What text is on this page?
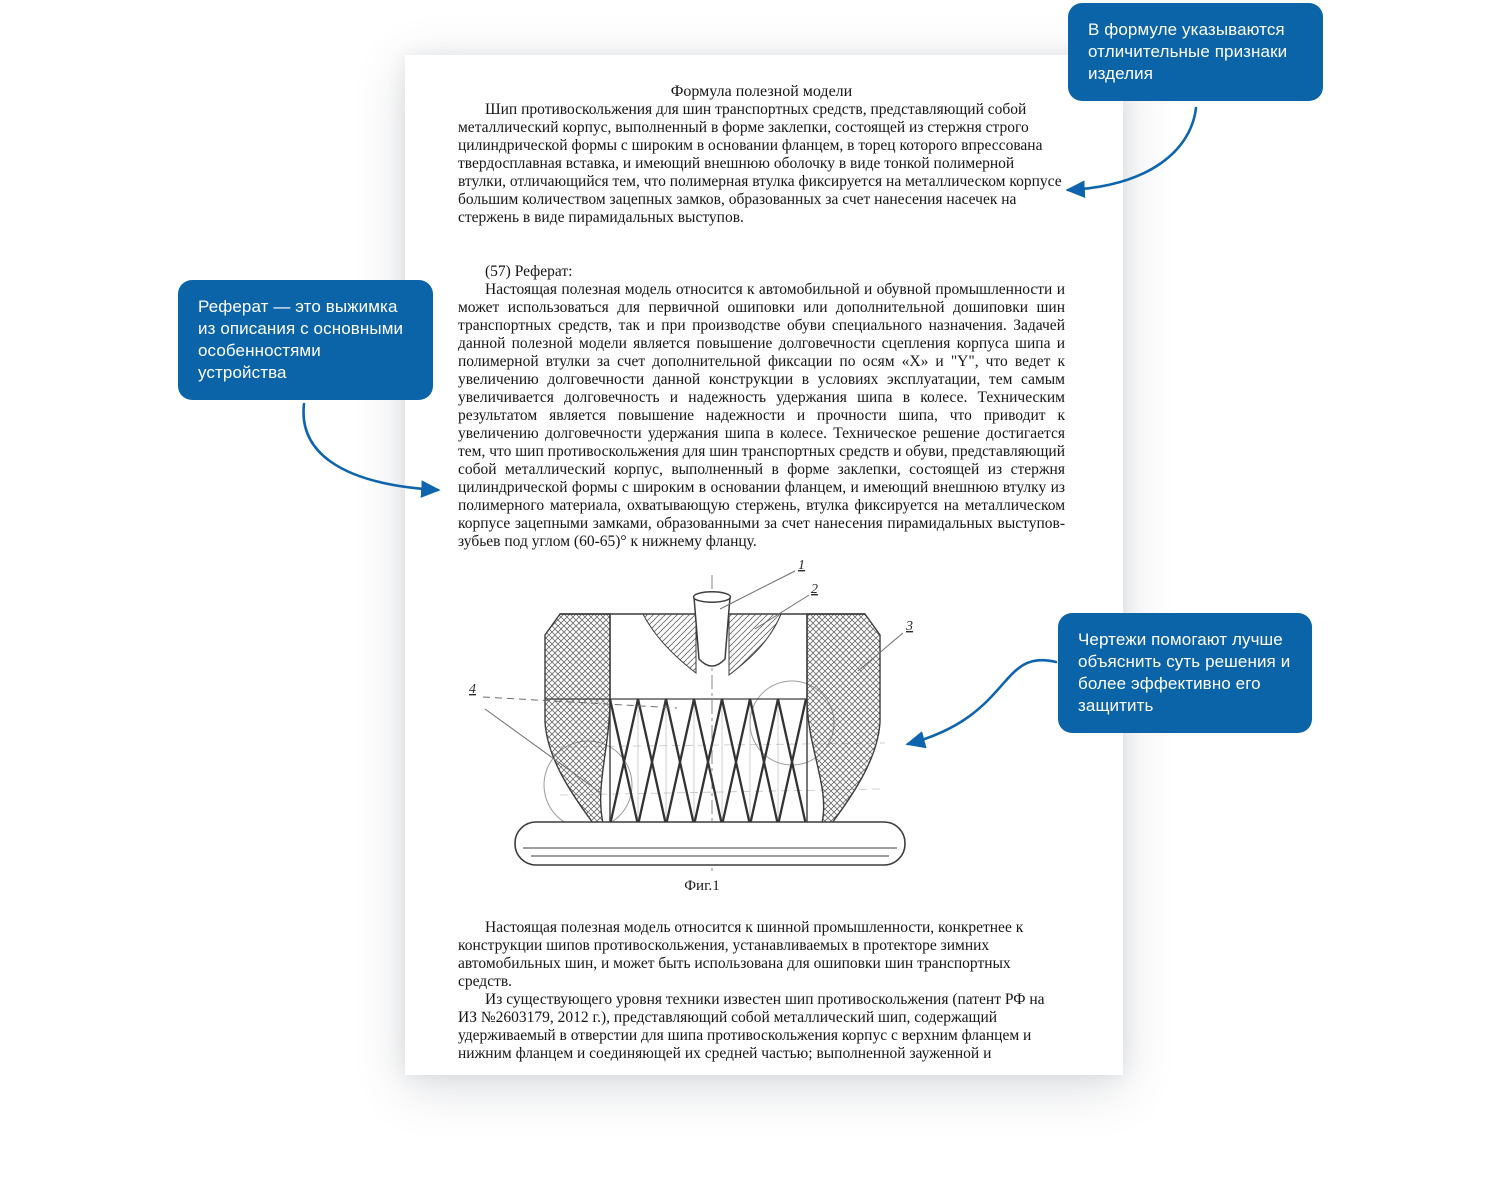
Формула полезной модели

Шип противоскольжения для шин транспортных средств, представляющий собой металлический корпус, выполненный в форме заклепки, состоящей из стержня строго цилиндрической формы с широким в основании фланцем, в торец которого впрессована твердосплавная вставка, и имеющий внешнюю оболочку в виде тонкой полимерной втулки, отличающийся тем, что полимерная втулка фиксируется на металлическом корпусе большим количеством зацепных замков, образованных за счет нанесения насечек на стержень в виде пирамидальных выступов.

(57) Реферат:

Настоящая полезная модель относится к автомобильной и обувной промышленности и может использоваться для первичной ошиповки или дополнительной дошиповки шин транспортных средств, так и при производстве обуви специального назначения. Задачей данной полезной модели является повышение долговечности сцепления корпуса шипа и полимерной втулки за счет дополнительной фиксации по осям «X» и "Y", что ведет к увеличению долговечности данной конструкции в условиях эксплуатации, тем самым увеличивается долговечность и надежность удержания шипа в колесе. Техническим результатом является повышение надежности и прочности шипа, что приводит к увеличению долговечности удержания шипа в колесе. Техническое решение достигается тем, что шип противоскольжения для шин транспортных средств и обуви, представляющий собой металлический корпус, выполненный в форме заклепки, состоящей из стержня цилиндрической формы с широким в основании фланцем, и имеющий внешнюю втулку из полимерного материала, охватывающую стержень, втулка фиксируется на металлическом корпусе зацепными замками, образованными за счет нанесения пирамидальных выступов-зубьев под углом (60-65)° к нижнему фланцу.

1
2
3
4
Фиг.1

Настоящая полезная модель относится к шинной промышленности, конкретнее к конструкции шипов противоскольжения, устанавливаемых в протекторе зимних автомобильных шин, и может быть использована для ошиповки шин транспортных средств.

Из существующего уровня техники известен шип противоскольжения (патент РФ на ИЗ №2603179, 2012 г.), представляющий собой металлический шип, содержащий удерживаемый в отверстии для шипа противоскольжения корпус с верхним фланцем и нижним фланцем и соединяющей их средней частью; выполненной зауженной и

В формуле указываются отличительные признаки изделия
Реферат — это выжимка из описания с основными особенностями устройства
Чертежи помогают лучше объяснить суть решения и более эффективно его защитить
